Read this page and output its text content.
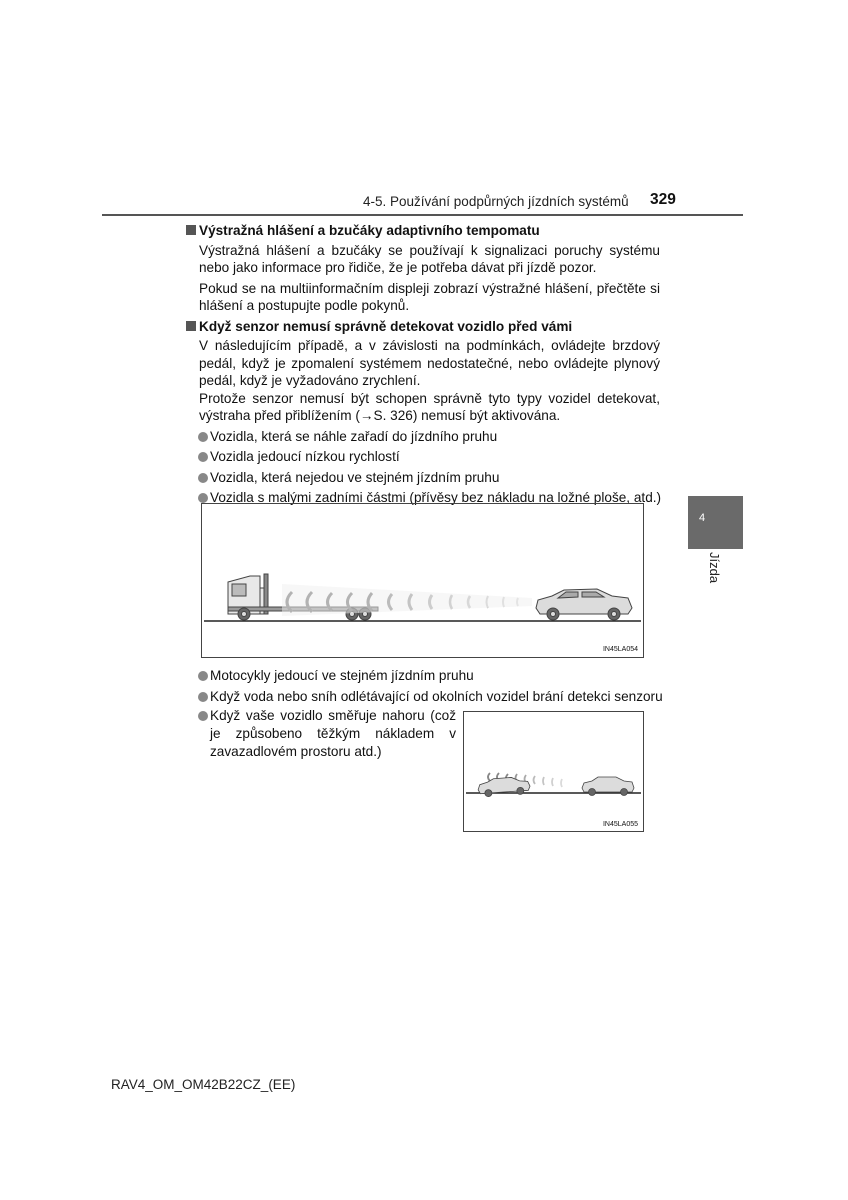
4-5. Používání podpůrných jízdních systémů 329
4
Jízda
Výstražná hlášení a bzučáky adaptivního tempomatu
Výstražná hlášení a bzučáky se používají k signalizaci poruchy systému nebo jako informace pro řidiče, že je potřeba dávat při jízdě pozor.
Pokud se na multiinformačním displeji zobrazí výstražné hlášení, přečtěte si hlášení a postupujte podle pokynů.
Když senzor nemusí správně detekovat vozidlo před vámi
V následujícím případě, a v závislosti na podmínkách, ovládejte brzdový pedál, když je zpomalení systémem nedostatečné, nebo ovládejte plynový pedál, když je vyžadováno zrychlení.
Protože senzor nemusí být schopen správně tyto typy vozidel detekovat, výstraha před přiblížením (→S. 326) nemusí být aktivována.
Vozidla, která se náhle zařadí do jízdního pruhu
Vozidla jedoucí nízkou rychlostí
Vozidla, která nejedou ve stejném jízdním pruhu
Vozidla s malými zadními částmi (přívěsy bez nákladu na ložné ploše, atd.)
IN45LA054
Motocykly jedoucí ve stejném jízdním pruhu
Když voda nebo sníh odlétávající od okolních vozidel brání detekci senzoru
Když vaše vozidlo směřuje nahoru (což je způsobeno těžkým nákladem v zavazadlovém prostoru atd.)
IN45LA055
RAV4_OM_OM42B22CZ_(EE)
